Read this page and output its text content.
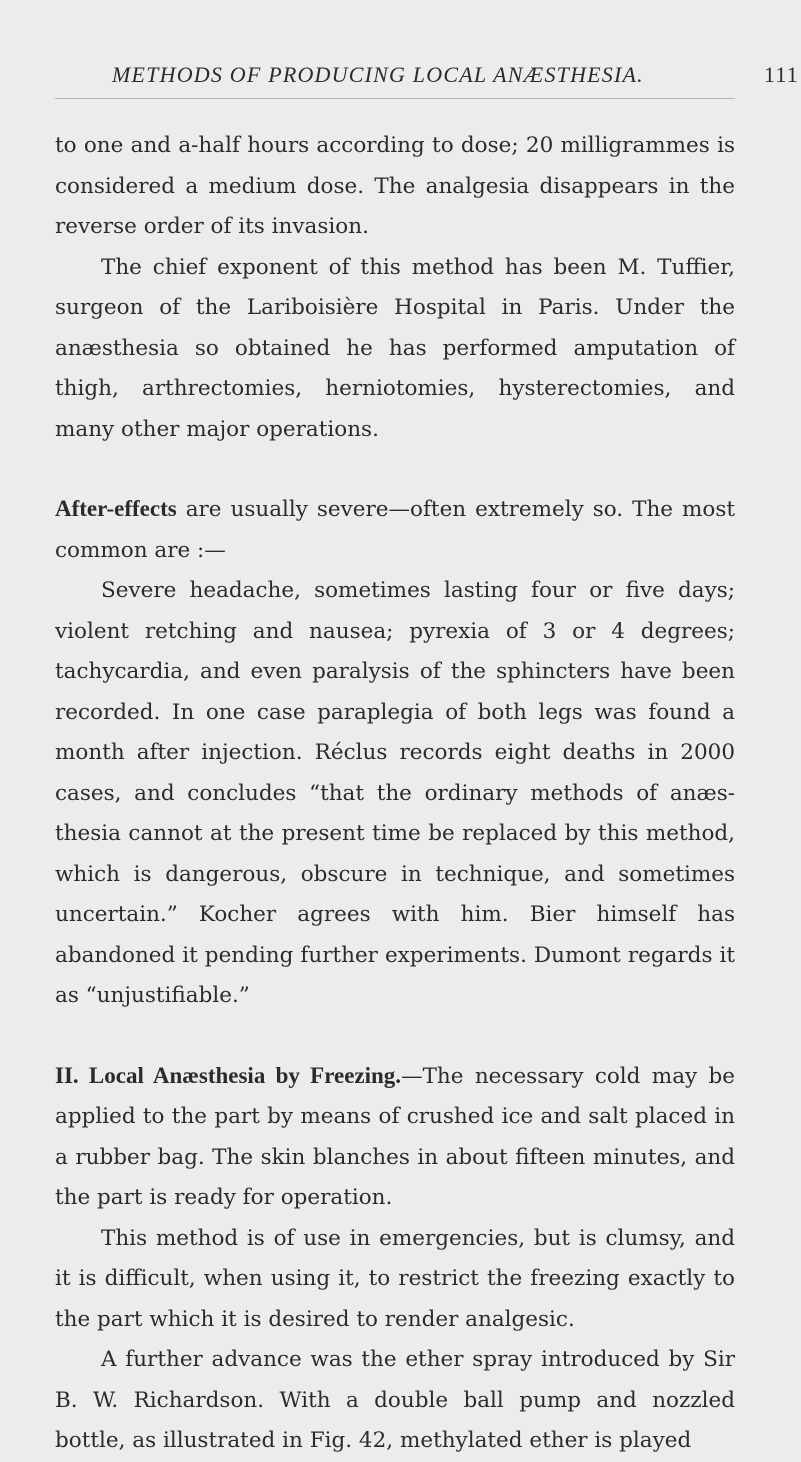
METHODS OF PRODUCING LOCAL ANÆSTHESIA.	111

to one and a-half hours according to dose; 20 milligrammes is considered a medium dose. The analgesia disappears in the reverse order of its invasion.

The chief exponent of this method has been M. Tuffier, surgeon of the Lariboisière Hospital in Paris. Under the anæsthesia so obtained he has performed amputation of thigh, arthrectomies, herniotomies, hysterectomies, and many other major operations.

After-effects are usually severe—often extremely so. The most common are :—

Severe headache, sometimes lasting four or five days; violent retching and nausea; pyrexia of 3 or 4 degrees; tachycardia, and even paralysis of the sphincters have been recorded. In one case paraplegia of both legs was found a month after injection. Réclus records eight deaths in 2000 cases, and concludes “that the ordinary methods of anæs-thesia cannot at the present time be replaced by this method, which is dangerous, obscure in technique, and sometimes uncertain.” Kocher agrees with him. Bier himself has abandoned it pending further experiments. Dumont regards it as “unjustifiable.”

II. Local Anæsthesia by Freezing.—The necessary cold may be applied to the part by means of crushed ice and salt placed in a rubber bag. The skin blanches in about fifteen minutes, and the part is ready for operation.

This method is of use in emergencies, but is clumsy, and it is difficult, when using it, to restrict the freezing exactly to the part which it is desired to render analgesic.

A further advance was the ether spray introduced by Sir B. W. Richardson. With a double ball pump and nozzled bottle, as illustrated in Fig. 42, methylated ether is played
